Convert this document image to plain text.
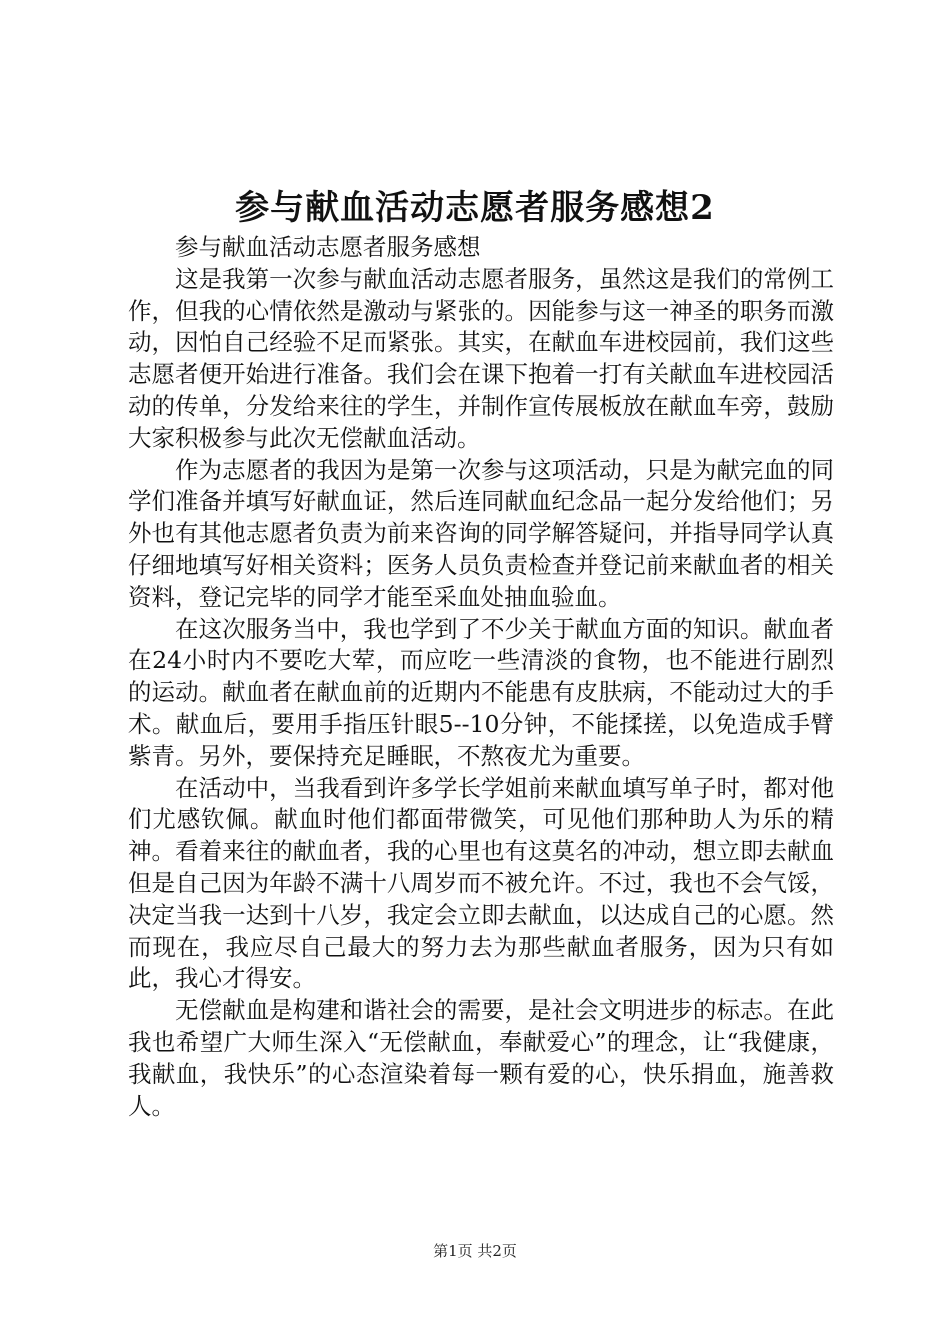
参与献血活动志愿者服务感想2

参与献血活动志愿者服务感想

这是我第一次参与献血活动志愿者服务，虽然这是我们的常例工作，但我的心情依然是激动与紧张的。因能参与这一神圣的职务而激动，因怕自己经验不足而紧张。其实，在献血车进校园前，我们这些志愿者便开始进行准备。我们会在课下抱着一打有关献血车进校园活动的传单，分发给来往的学生，并制作宣传展板放在献血车旁，鼓励大家积极参与此次无偿献血活动。

作为志愿者的我因为是第一次参与这项活动，只是为献完血的同学们准备并填写好献血证，然后连同献血纪念品一起分发给他们；另外也有其他志愿者负责为前来咨询的同学解答疑问，并指导同学认真仔细地填写好相关资料；医务人员负责检查并登记前来献血者的相关资料，登记完毕的同学才能至采血处抽血验血。

在这次服务当中，我也学到了不少关于献血方面的知识。献血者在24小时内不要吃大荤，而应吃一些清淡的食物，也不能进行剧烈的运动。献血者在献血前的近期内不能患有皮肤病，不能动过大的手术。献血后，要用手指压针眼5--10分钟，不能揉搓，以免造成手臂紫青。另外，要保持充足睡眠，不熬夜尤为重要。

在活动中，当我看到许多学长学姐前来献血填写单子时，都对他们尤感钦佩。献血时他们都面带微笑，可见他们那种助人为乐的精神。看着来往的献血者，我的心里也有这莫名的冲动，想立即去献血但是自己因为年龄不满十八周岁而不被允许。不过，我也不会气馁，决定当我一达到十八岁，我定会立即去献血，以达成自己的心愿。然而现在，我应尽自己最大的努力去为那些献血者服务，因为只有如此，我心才得安。

无偿献血是构建和谐社会的需要，是社会文明进步的标志。在此我也希望广大师生深入“无偿献血，奉献爱心”的理念，让“我健康，我献血，我快乐”的心态渲染着每一颗有爱的心，快乐捐血，施善救人。

第1页 共2页
